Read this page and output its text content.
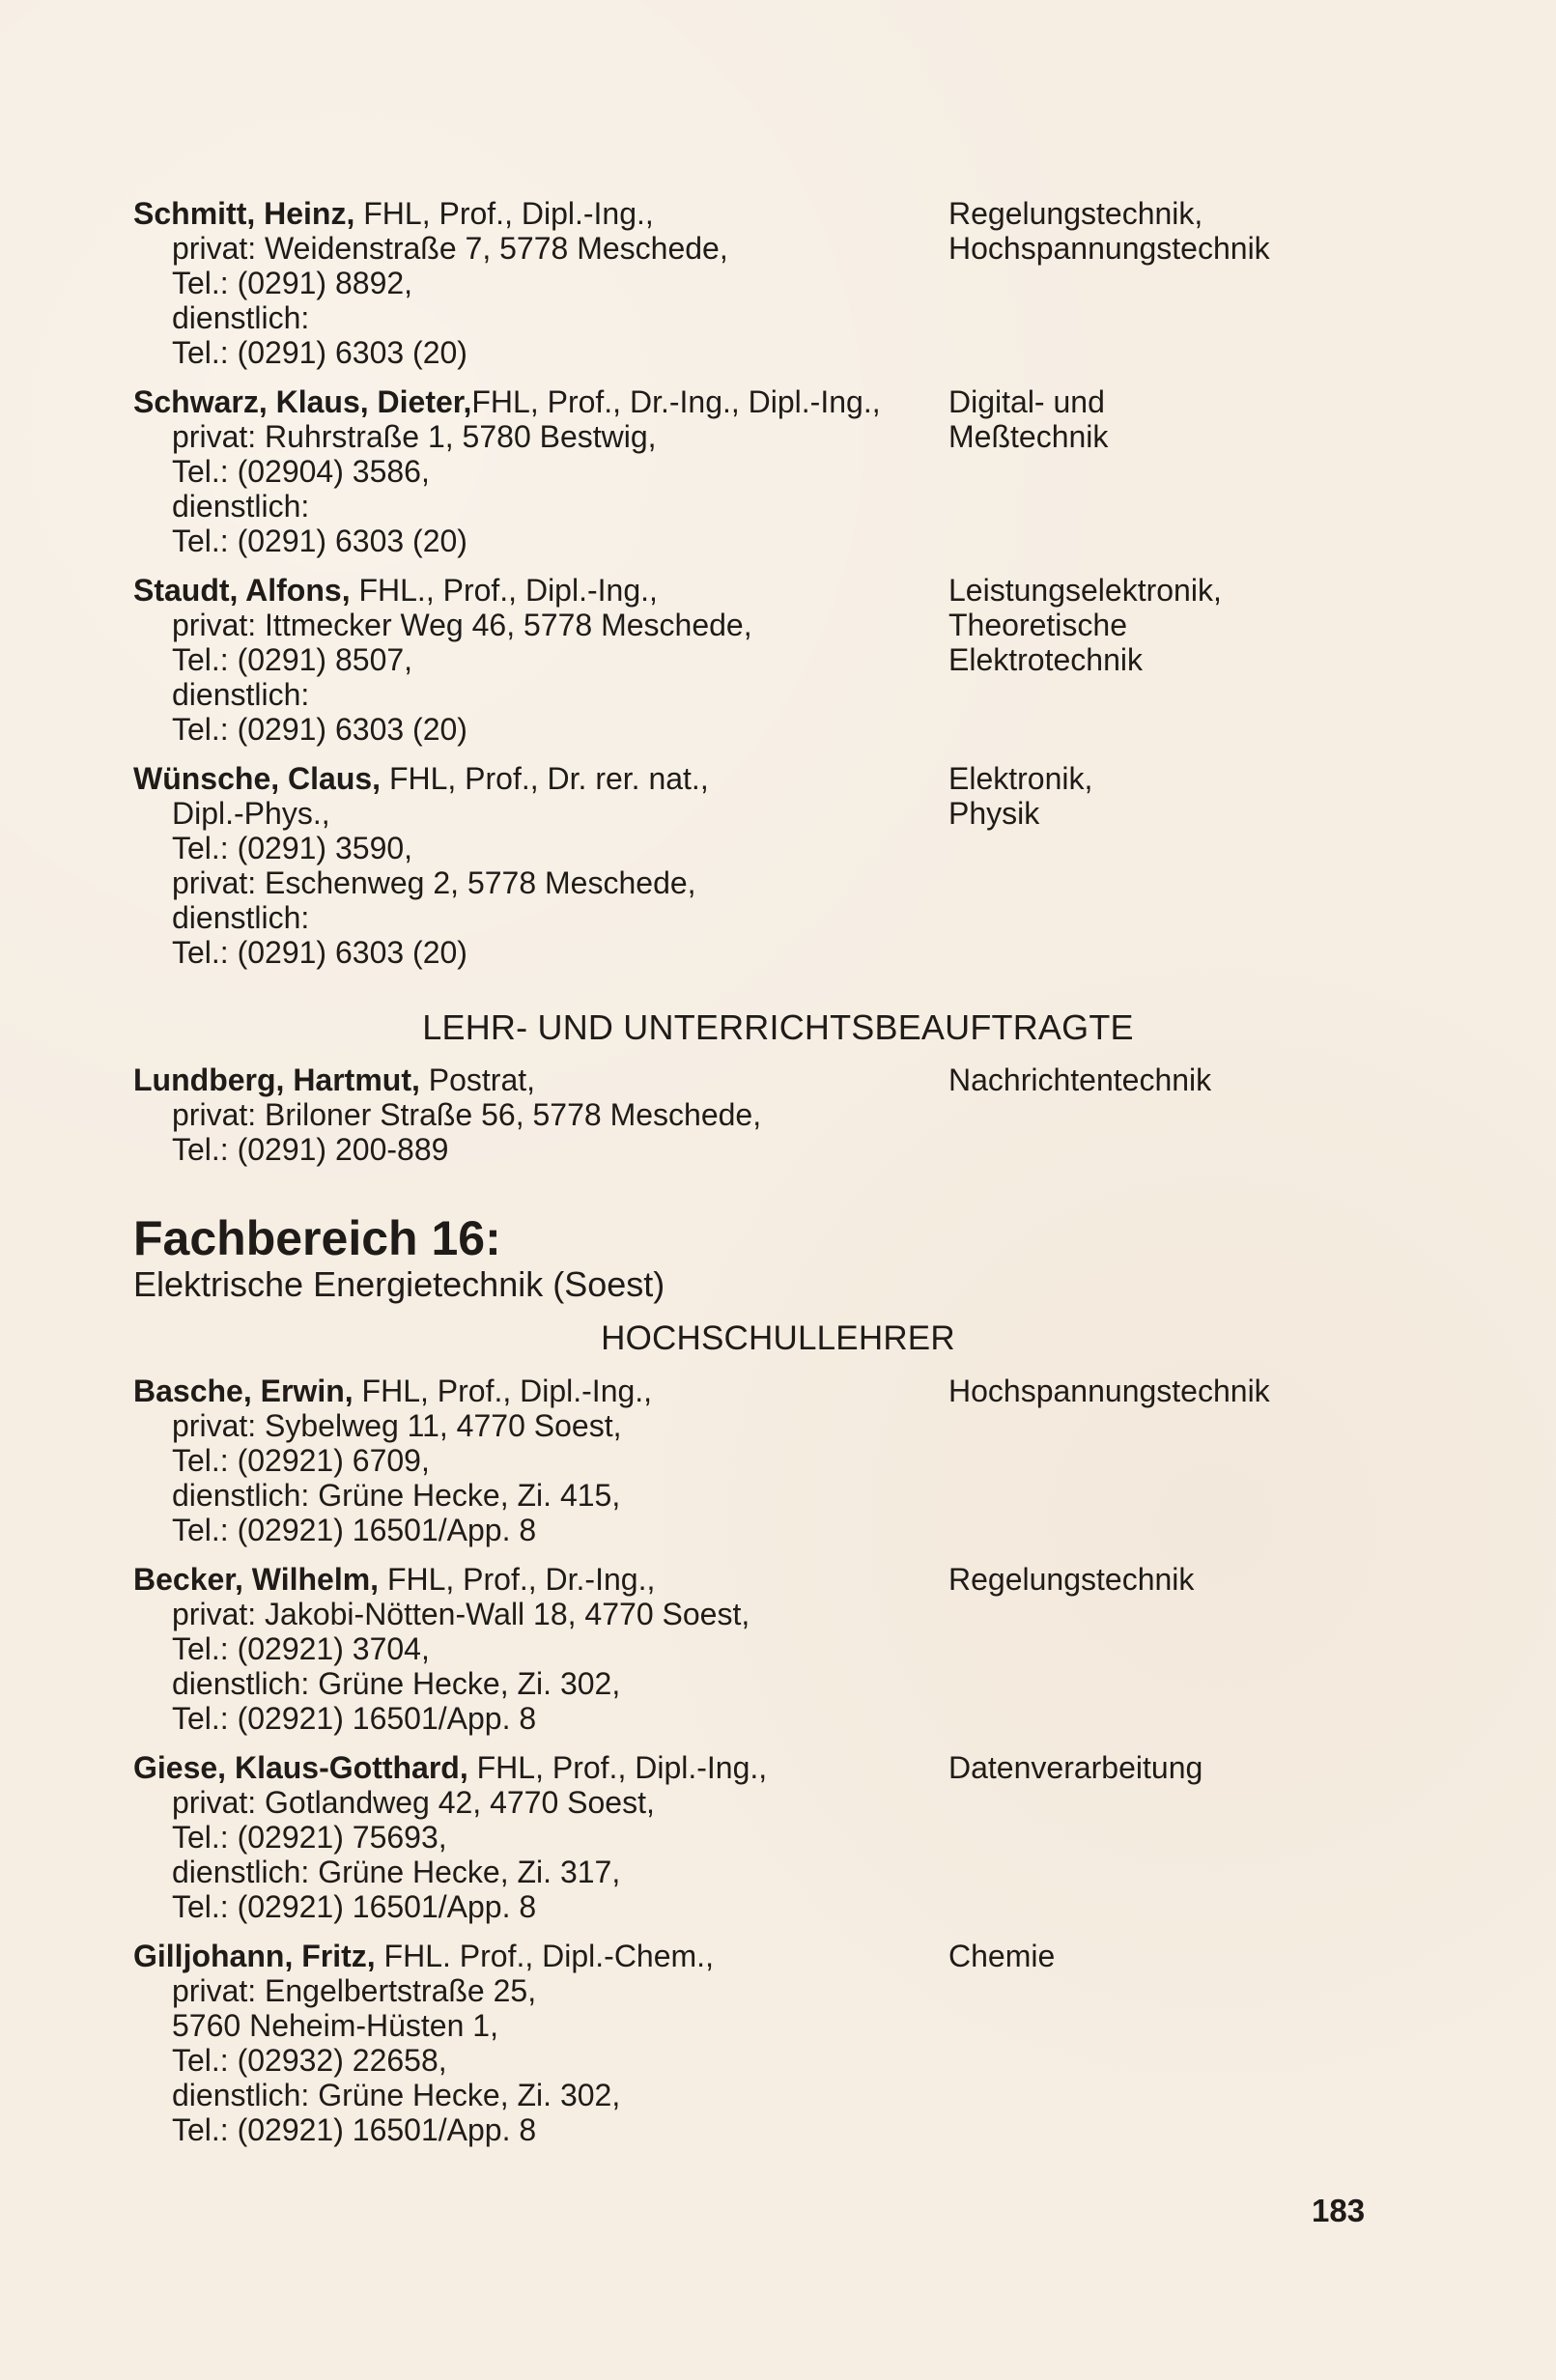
Schmitt, Heinz, FHL, Prof., Dipl.-Ing.,
privat: Weidenstraße 7, 5778 Meschede,
Tel.: (0291) 8892,
dienstlich:
Tel.: (0291) 6303 (20)
Regelungstechnik,
Hochspannungstechnik
Schwarz, Klaus, Dieter,FHL, Prof., Dr.-Ing., Dipl.-Ing.,
privat: Ruhrstraße 1, 5780 Bestwig,
Tel.: (02904) 3586,
dienstlich:
Tel.: (0291) 6303 (20)
Digital- und
Meßtechnik
Staudt, Alfons, FHL., Prof., Dipl.-Ing.,
privat: Ittmecker Weg 46, 5778 Meschede,
Tel.: (0291) 8507,
dienstlich:
Tel.: (0291) 6303 (20)
Leistungselektronik,
Theoretische
Elektrotechnik
Wünsche, Claus, FHL, Prof., Dr. rer. nat.,
Dipl.-Phys.,
Tel.: (0291) 3590,
privat: Eschenweg 2, 5778 Meschede,
dienstlich:
Tel.: (0291) 6303 (20)
Elektronik,
Physik
LEHR- UND UNTERRICHTSBEAUFTRAGTE
Lundberg, Hartmut, Postrat,
privat: Briloner Straße 56, 5778 Meschede,
Tel.: (0291) 200-889
Nachrichtentechnik
Fachbereich 16:
Elektrische Energietechnik (Soest)
HOCHSCHULLEHRER
Basche, Erwin, FHL, Prof., Dipl.-Ing.,
privat: Sybelweg 11, 4770 Soest,
Tel.: (02921) 6709,
dienstlich: Grüne Hecke, Zi. 415,
Tel.: (02921) 16501/App. 8
Hochspannungstechnik
Becker, Wilhelm, FHL, Prof., Dr.-Ing.,
privat: Jakobi-Nötten-Wall 18, 4770 Soest,
Tel.: (02921) 3704,
dienstlich: Grüne Hecke, Zi. 302,
Tel.: (02921) 16501/App. 8
Regelungstechnik
Giese, Klaus-Gotthard, FHL, Prof., Dipl.-Ing.,
privat: Gotlandweg 42, 4770 Soest,
Tel.: (02921) 75693,
dienstlich: Grüne Hecke, Zi. 317,
Tel.: (02921) 16501/App. 8
Datenverarbeitung
Gilljohann, Fritz, FHL. Prof., Dipl.-Chem.,
privat: Engelbertstraße 25,
5760 Neheim-Hüsten 1,
Tel.: (02932) 22658,
dienstlich: Grüne Hecke, Zi. 302,
Tel.: (02921) 16501/App. 8
Chemie
183
